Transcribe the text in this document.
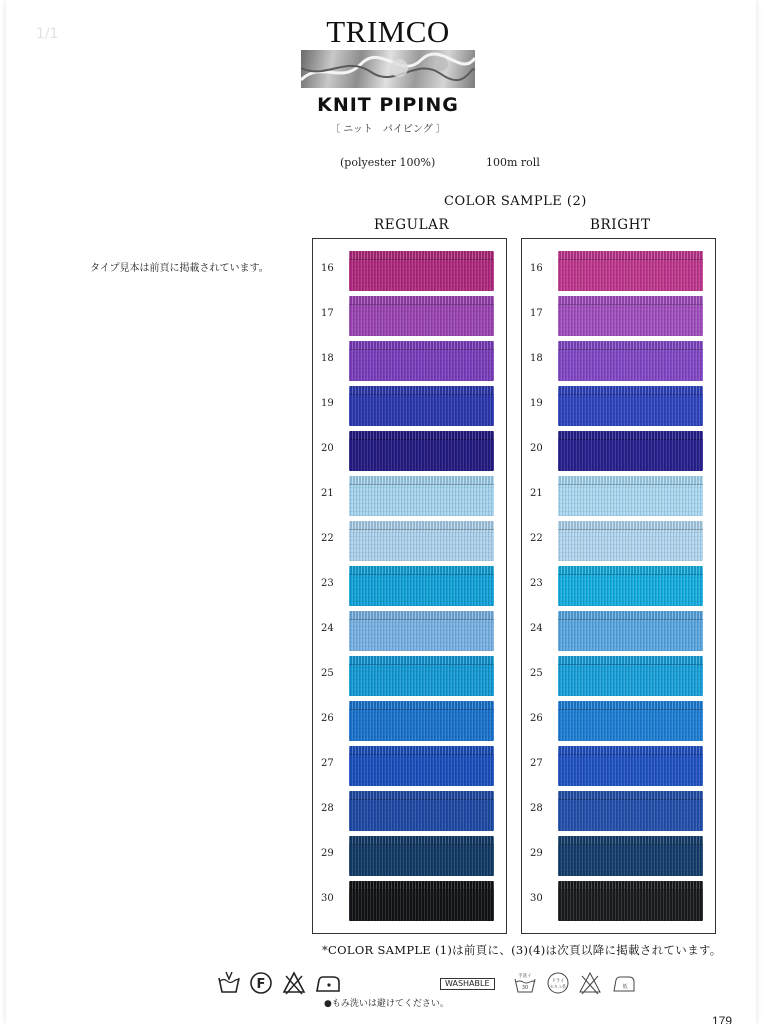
1/1	TRIMCO
KNIT PIPING
〔 ニット　パイピング 〕
(polyester 100%)	100m roll
COLOR SAMPLE (2)
REGULAR	BRIGHT
タイプ見本は前頁に掲載されています。	16
17
18
19
20
21
22
23
24
25
26
27
28
29
30
16
17
18
19
20
21
22
23
24
25
26
27
28
29
30
*COLOR SAMPLE (1)は前頁に、(3)(4)は次頁以降に掲載されています。
F	WASHABLE
手洗イ
30
ドライ
セキユ系	低
●もみ洗いは避けてください。
179
